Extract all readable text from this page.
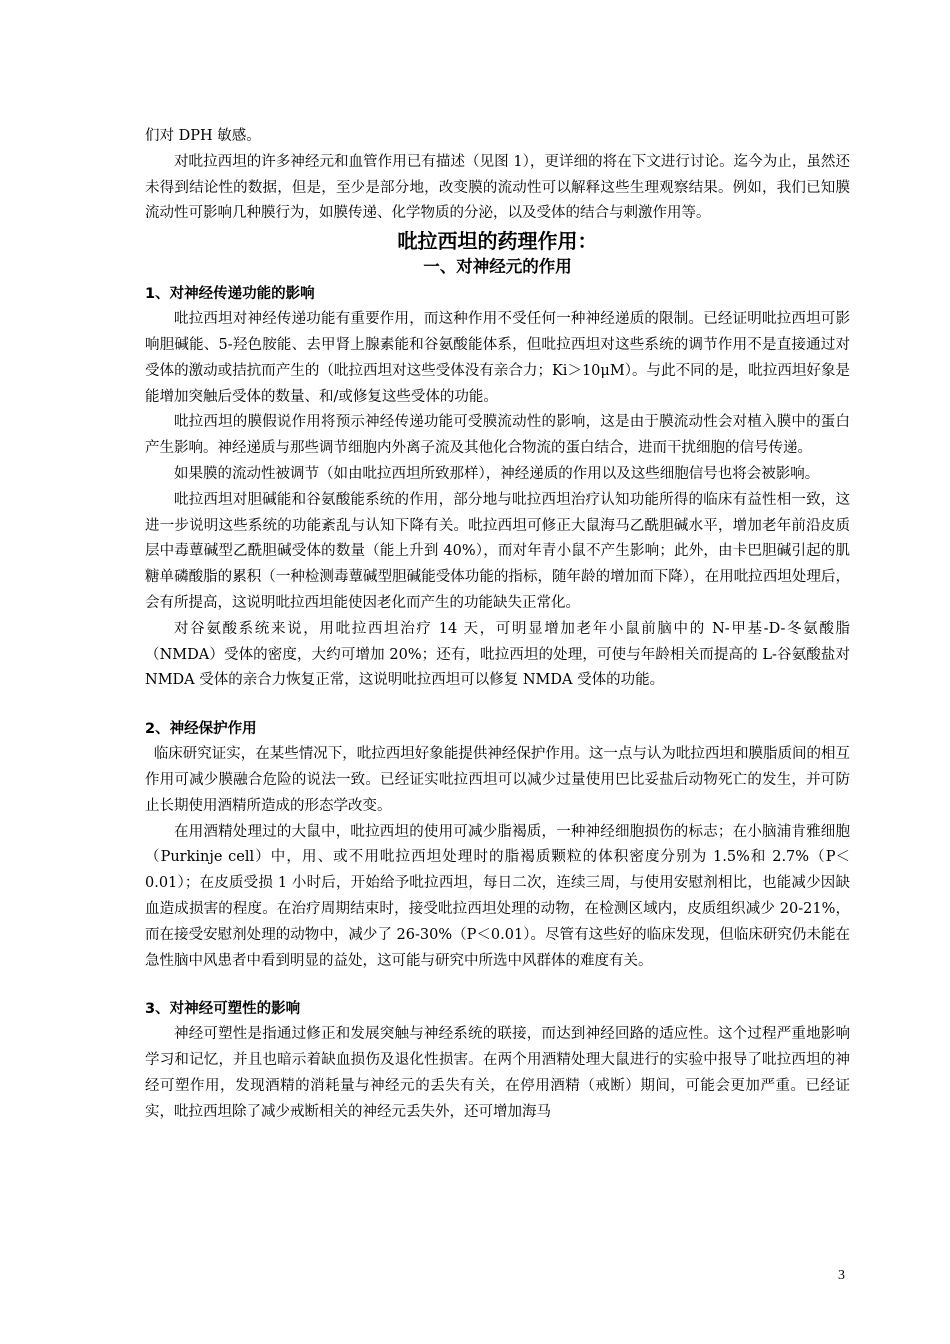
们对 DPH 敏感。

对吡拉西坦的许多神经元和血管作用已有描述（见图 1），更详细的将在下文进行讨论。迄今为止，虽然还未得到结论性的数据，但是，至少是部分地，改变膜的流动性可以解释这些生理观察结果。例如，我们已知膜流动性可影响几种膜行为，如膜传递、化学物质的分泌，以及受体的结合与刺激作用等。

吡拉西坦的药理作用：
一、对神经元的作用
1、对神经传递功能的影响

吡拉西坦对神经传递功能有重要作用，而这种作用不受任何一种神经递质的限制。已经证明吡拉西坦可影响胆碱能、5-羟色胺能、去甲肾上腺素能和谷氨酸能体系，但吡拉西坦对这些系统的调节作用不是直接通过对受体的激动或拮抗而产生的（吡拉西坦对这些受体没有亲合力；Ki＞10μM）。与此不同的是，吡拉西坦好象是能增加突触后受体的数量、和/或修复这些受体的功能。

吡拉西坦的膜假说作用将预示神经传递功能可受膜流动性的影响，这是由于膜流动性会对植入膜中的蛋白产生影响。神经递质与那些调节细胞内外离子流及其他化合物流的蛋白结合，进而干扰细胞的信号传递。

如果膜的流动性被调节（如由吡拉西坦所致那样），神经递质的作用以及这些细胞信号也将会被影响。

吡拉西坦对胆碱能和谷氨酸能系统的作用，部分地与吡拉西坦治疗认知功能所得的临床有益性相一致，这进一步说明这些系统的功能紊乱与认知下降有关。吡拉西坦可修正大鼠海马乙酰胆碱水平，增加老年前沿皮质层中毒蕈碱型乙酰胆碱受体的数量（能上升到 40%），而对年青小鼠不产生影响；此外，由卡巴胆碱引起的肌糖单磷酸脂的累积（一种检测毒蕈碱型胆碱能受体功能的指标，随年龄的增加而下降），在用吡拉西坦处理后，会有所提高，这说明吡拉西坦能使因老化而产生的功能缺失正常化。

对谷氨酸系统来说，用吡拉西坦治疗 14 天，可明显增加老年小鼠前脑中的 N-甲基-D-冬氨酸脂（NMDA）受体的密度，大约可增加 20%；还有，吡拉西坦的处理，可使与年龄相关而提高的 L-谷氨酸盐对 NMDA 受体的亲合力恢复正常，这说明吡拉西坦可以修复 NMDA 受体的功能。

2、神经保护作用

临床研究证实，在某些情况下，吡拉西坦好象能提供神经保护作用。这一点与认为吡拉西坦和膜脂质间的相互作用可减少膜融合危险的说法一致。已经证实吡拉西坦可以减少过量使用巴比妥盐后动物死亡的发生，并可防止长期使用酒精所造成的形态学改变。

在用酒精处理过的大鼠中，吡拉西坦的使用可减少脂褐质，一种神经细胞损伤的标志；在小脑浦肯雅细胞（Purkinje cell）中，用、或不用吡拉西坦处理时的脂褐质颗粒的体积密度分别为 1.5%和 2.7%（P＜0.01）；在皮质受损 1 小时后，开始给予吡拉西坦，每日二次，连续三周，与使用安慰剂相比，也能减少因缺血造成损害的程度。在治疗周期结束时，接受吡拉西坦处理的动物，在检测区域内，皮质组织减少 20-21%，而在接受安慰剂处理的动物中，减少了 26-30%（P＜0.01）。尽管有这些好的临床发现，但临床研究仍未能在急性脑中风患者中看到明显的益处，这可能与研究中所选中风群体的难度有关。

3、对神经可塑性的影响

神经可塑性是指通过修正和发展突触与神经系统的联接，而达到神经回路的适应性。这个过程严重地影响学习和记忆，并且也暗示着缺血损伤及退化性损害。在两个用酒精处理大鼠进行的实验中报导了吡拉西坦的神经可塑作用，发现酒精的消耗量与神经元的丢失有关，在停用酒精（戒断）期间，可能会更加严重。已经证实，吡拉西坦除了减少戒断相关的神经元丢失外，还可增加海马

3
